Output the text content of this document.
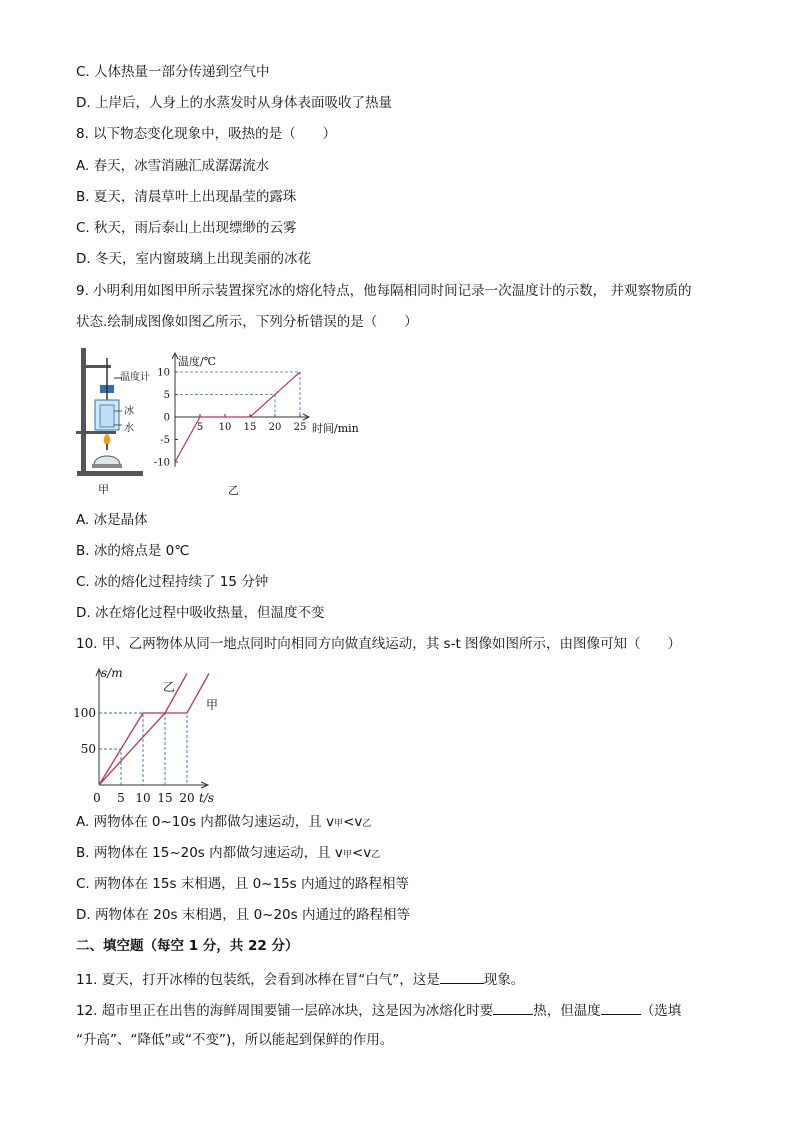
C. 人体热量一部分传递到空气中
D. 上岸后，人身上的水蒸发时从身体表面吸收了热量
8. 以下物态变化现象中，吸热的是（　　）
A. 春天，冰雪消融汇成潺潺流水
B. 夏天，清晨草叶上出现晶莹的露珠
C. 秋天，雨后泰山上出现缥缈的云雾
D. 冬天，室内窗玻璃上出现美丽的冰花
9. 小明利用如图甲所示装置探究冰的熔化特点，他每隔相同时间记录一次温度计的示数， 并观察物质的
状态.绘制成图像如图乙所示，下列分析错误的是（　　）
温度计
冰
水
甲
10
5
0
-5
-10
5 10 15 20 25
温度/℃
时间/min
乙
A. 冰是晶体
B. 冰的熔点是 0℃
C. 冰的熔化过程持续了 15 分钟
D. 冰在熔化过程中吸收热量，但温度不变
10. 甲、乙两物体从同一地点同时向相同方向做直线运动，其 s-t 图像如图所示，由图像可知（　　）
50
100
0 5 10 15 20
乙
甲
s/m
t/s
A. 两物体在 0~10s 内都做匀速运动，且 v甲<v乙
B. 两物体在 15~20s 内都做匀速运动，且 v甲<v乙
C. 两物体在 15s 末相遇，且 0~15s 内通过的路程相等
D. 两物体在 20s 末相遇，且 0~20s 内通过的路程相等
二、填空题（每空 1 分，共 22 分）
11. 夏天，打开冰棒的包装纸，会看到冰棒在冒“白气”，这是	现象。
12. 超市里正在出售的海鲜周围要铺一层碎冰块，这是因为冰熔化时要	热，但温度	（选填
“升高”、“降低”或“不变”)，所以能起到保鲜的作用。
